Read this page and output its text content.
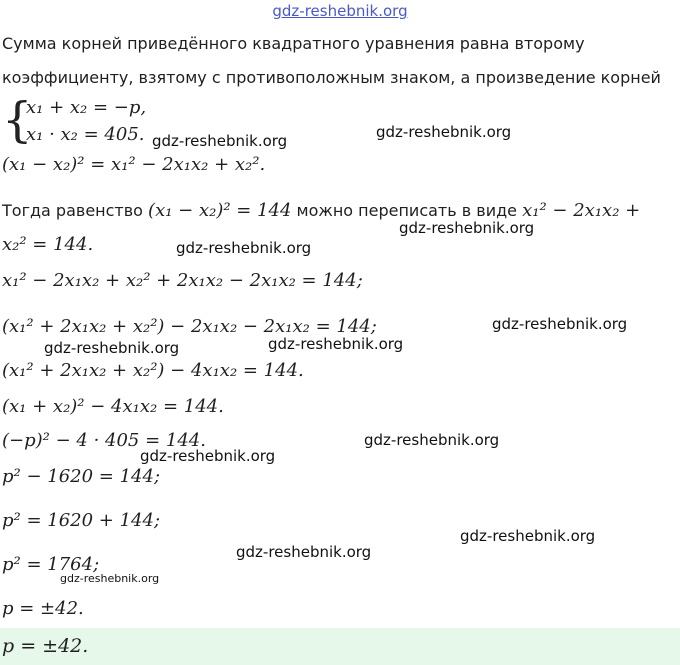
gdz-reshebnik.org
Сумма корней приведённого квадратного уравнения равна второму
коэффициенту, взятому с противоположным знаком, а произведение корней
{
x₁ + x₂ = −p,
x₁ · x₂ = 405.
(x₁ − x₂)² = x₁² − 2x₁x₂ + x₂².
Тогда равенство (x₁ − x₂)² = 144 можно переписать в виде x₁² − 2x₁x₂ +
x₂² = 144.
x₁² − 2x₁x₂ + x₂² + 2x₁x₂ − 2x₁x₂ = 144;
(x₁² + 2x₁x₂ + x₂²) − 2x₁x₂ − 2x₁x₂ = 144;
(x₁² + 2x₁x₂ + x₂²) − 4x₁x₂ = 144.
(x₁ + x₂)² − 4x₁x₂ = 144.
(−p)² − 4 · 405 = 144.
p² − 1620 = 144;
p² = 1620 + 144;
p² = 1764;
p = ±42.
p = ±42.
gdz-reshebnik.org	gdz-reshebnik.org
gdz-reshebnik.org
gdz-reshebnik.org
gdz-reshebnik.org
gdz-reshebnik.org
gdz-reshebnik.org
gdz-reshebnik.org
gdz-reshebnik.org
gdz-reshebnik.org
gdz-reshebnik.org
gdz-reshebnik.org
